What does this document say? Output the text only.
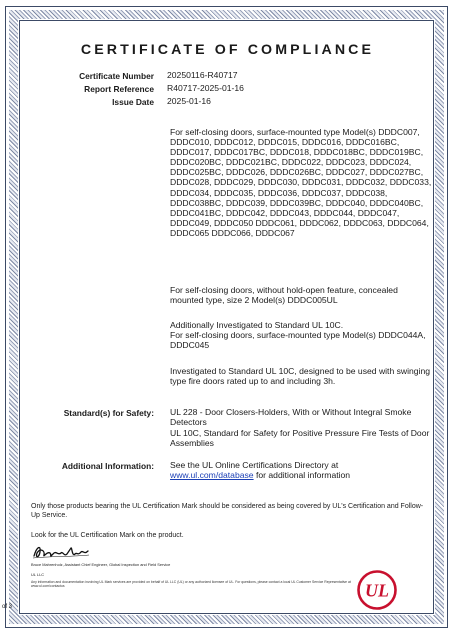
CERTIFICATE OF COMPLIANCE
Certificate Number 20250116-R40717
Report Reference R40717-2025-01-16
Issue Date 2025-01-16
For self-closing doors, surface-mounted type Model(s) DDDC007, DDDC010, DDDC012, DDDC015, DDDC016, DDDC016BC, DDDC017, DDDC017BC, DDDC018, DDDC018BC, DDDC019BC, DDDC020BC, DDDC021BC, DDDC022, DDDC023, DDDC024, DDDC025BC, DDDC026, DDDC026BC, DDDC027, DDDC027BC, DDDC028, DDDC029, DDDC030, DDDC031, DDDC032, DDDC033, DDDC034, DDDC035, DDDC036, DDDC037, DDDC038, DDDC038BC, DDDC039, DDDC039BC, DDDC040, DDDC040BC, DDDC041BC, DDDC042, DDDC043, DDDC044, DDDC047, DDDC049, DDDC050 DDDC061, DDDC062, DDDC063, DDDC064, DDDC065 DDDC066, DDDC067
For self-closing doors, without hold-open feature, concealed mounted type, size 2 Model(s) DDDC005UL
Additionally Investigated to Standard UL 10C.
For self-closing doors, surface-mounted type Model(s) DDDC044A, DDDC045
Investigated to Standard UL 10C, designed to be used with swinging type fire doors rated up to and including 3h.
Standard(s) for Safety: UL 228 - Door Closers-Holders, With or Without Integral Smoke Detectors
UL 10C, Standard for Safety for Positive Pressure Fire Tests of Door Assemblies
Additional Information: See the UL Online Certifications Directory at
www.ul.com/database for additional information
Only those products bearing the UL Certification Mark should be considered as being covered by UL's Certification and Follow-Up Service.
Look for the UL Certification Mark on the product.
Bruce Mahrenholz, Assistant Chief Engineer, Global Inspection and Field Service
UL LLC
Any information and documentation involving UL Mark services are provided on behalf of UL LLC (UL) or any authorized licensee of UL. For questions, please contact a local UL Customer Service Representative at www.ul.com/contactus	UL
of 3
